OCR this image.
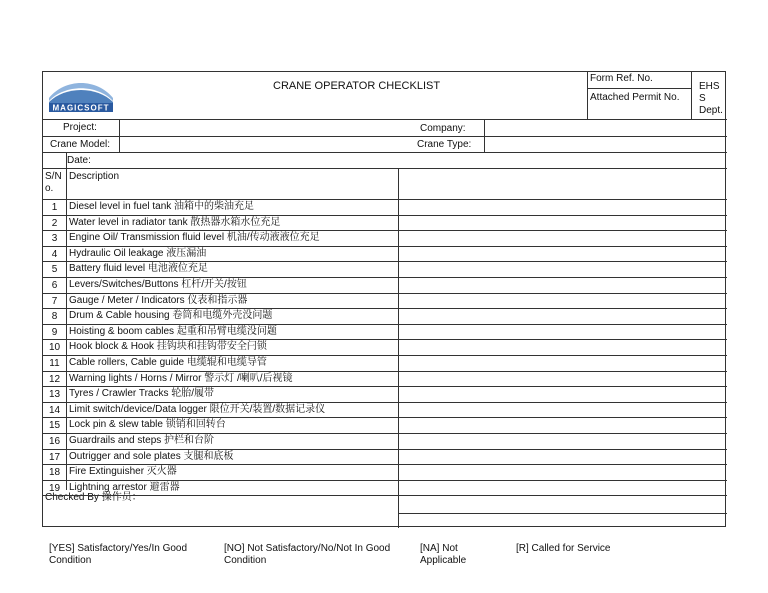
MAGICSOFT
CRANE OPERATOR CHECKLIST
Form Ref. No.
Attached Permit No.
EHS
S
Dept.
Project:	Company:
Crane Model:	Crane Type:
Date:
S/N
o.
Description
Checked By 操作员：
1	Diesel level in fuel tank 油箱中的柴油充足
2	Water level in radiator tank 散热器水箱水位充足
3	Engine Oil/ Transmission fluid level 机油/传动液液位充足
4	Hydraulic Oil leakage 液压漏油
5	Battery fluid level 电池液位充足
6	Levers/Switches/Buttons 杠杆/开关/按钮
7	Gauge / Meter / Indicators 仪表和指示器
8	Drum & Cable housing 卷筒和电缆外壳没问题
9	Hoisting & boom cables 起重和吊臂电缆没问题
10 Hook block & Hook 挂钩块和挂钩带安全闩锁
11 Cable rollers, Cable guide 电缆辊和电缆导管
12 Warning lights / Horns / Mirror 警示灯 /喇叭/后视镜
13 Tyres / Crawler Tracks 轮胎/履带
14 Limit switch/device/Data logger 限位开关/装置/数据记录仪
15 Lock pin & slew table 锁销和回转台
16 Guardrails and steps 护栏和台阶
17 Outrigger and sole plates 支腿和底板
18 Fire Extinguisher 灭火器
19 Lightning arrestor 避雷器
[YES] Satisfactory/Yes/In Good Condition
[NO] Not Satisfactory/No/Not In Good Condition
[NA] Not Applicable
[R] Called for Service
